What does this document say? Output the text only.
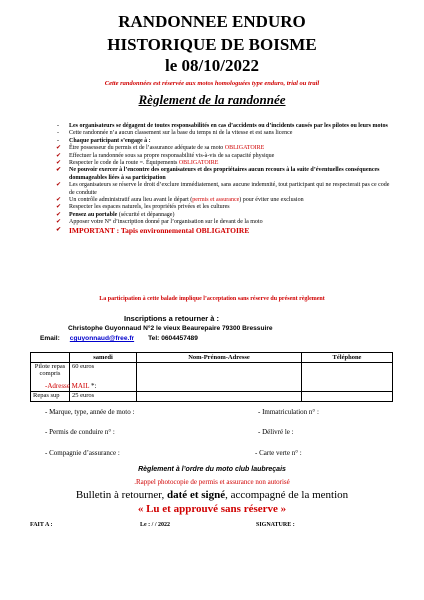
RANDONNEE ENDURO
HISTORIQUE DE BOISME
le 08/10/2022
Cette randonnées est réservée aux motos homologuées type enduro, trial ou trail
Règlement de la randonnée
- Les organisateurs se dégagent de toutes responsabilités en cas d’accidents ou d’incidents causés par les pilotes ou leurs motos
- Cette randonnée n’a aucun classement sur la base du temps ni de la vitesse et est sans licence
- Chaque participant s’engage à :
✔ Être possesseur du permis et de l’assurance adéquate de sa moto OBLIGATOIRE
✔ Effectuer la randonnée sous sa propre responsabilité vis-à-vis de sa capacité physique
✔ Respecter le code de la route =. Équipements OBLIGATOIRE
✔ Ne pouvoir exercer à l’encontre des organisateurs et des propriétaires aucun recours à la suite d’éventuelles conséquences dommageables liées à sa participation
✔ Les organisateurs se réserve le droit d’exclure immédiatement, sans aucune indemnité, tout participant qui ne respecterait pas ce code de conduite
✔ Un contrôle administratif aura lieu avant le départ (permis et assurance) pour éviter une exclusion
✔ Respecter les espaces naturels, les propriétés privées et les cultures
✔ Pensez au portable (sécurité et dépannage)
✔ Apposer votre N° d’inscription donné par l’organisation sur le devant de la moto
✔ IMPORTANT : Tapis environnemental OBLIGATOIRE
La participation à cette balade implique l’acceptation sans réserve du présent règlement
Inscriptions a retourner à :
Christophe Guyonnaud N°2 le vieux Beaurepaire 79300 Bressuire
Email: cguyonnaud@free.fr Tel: 0604457489
	samedi	Nom-Prénom-Adresse	Téléphone
Pilote repas compris	60 euros		
Repas sup	25 euros		
-Adresse MAIL *:
- Marque, type, année de moto :	- Immatriculation n° :
- Permis de conduire n° :	- Délivré le :
- Compagnie d’assurance :	- Carte verte n° :
Règlement à l’ordre du moto club laubreçais
.Rappel photocopie de permis et assurance non autorisé
Bulletin à retourner, daté et signé, accompagné de la mention
« Lu et approuvé sans réserve »
FAIT A :	Le : / / 2022	SIGNATURE :
